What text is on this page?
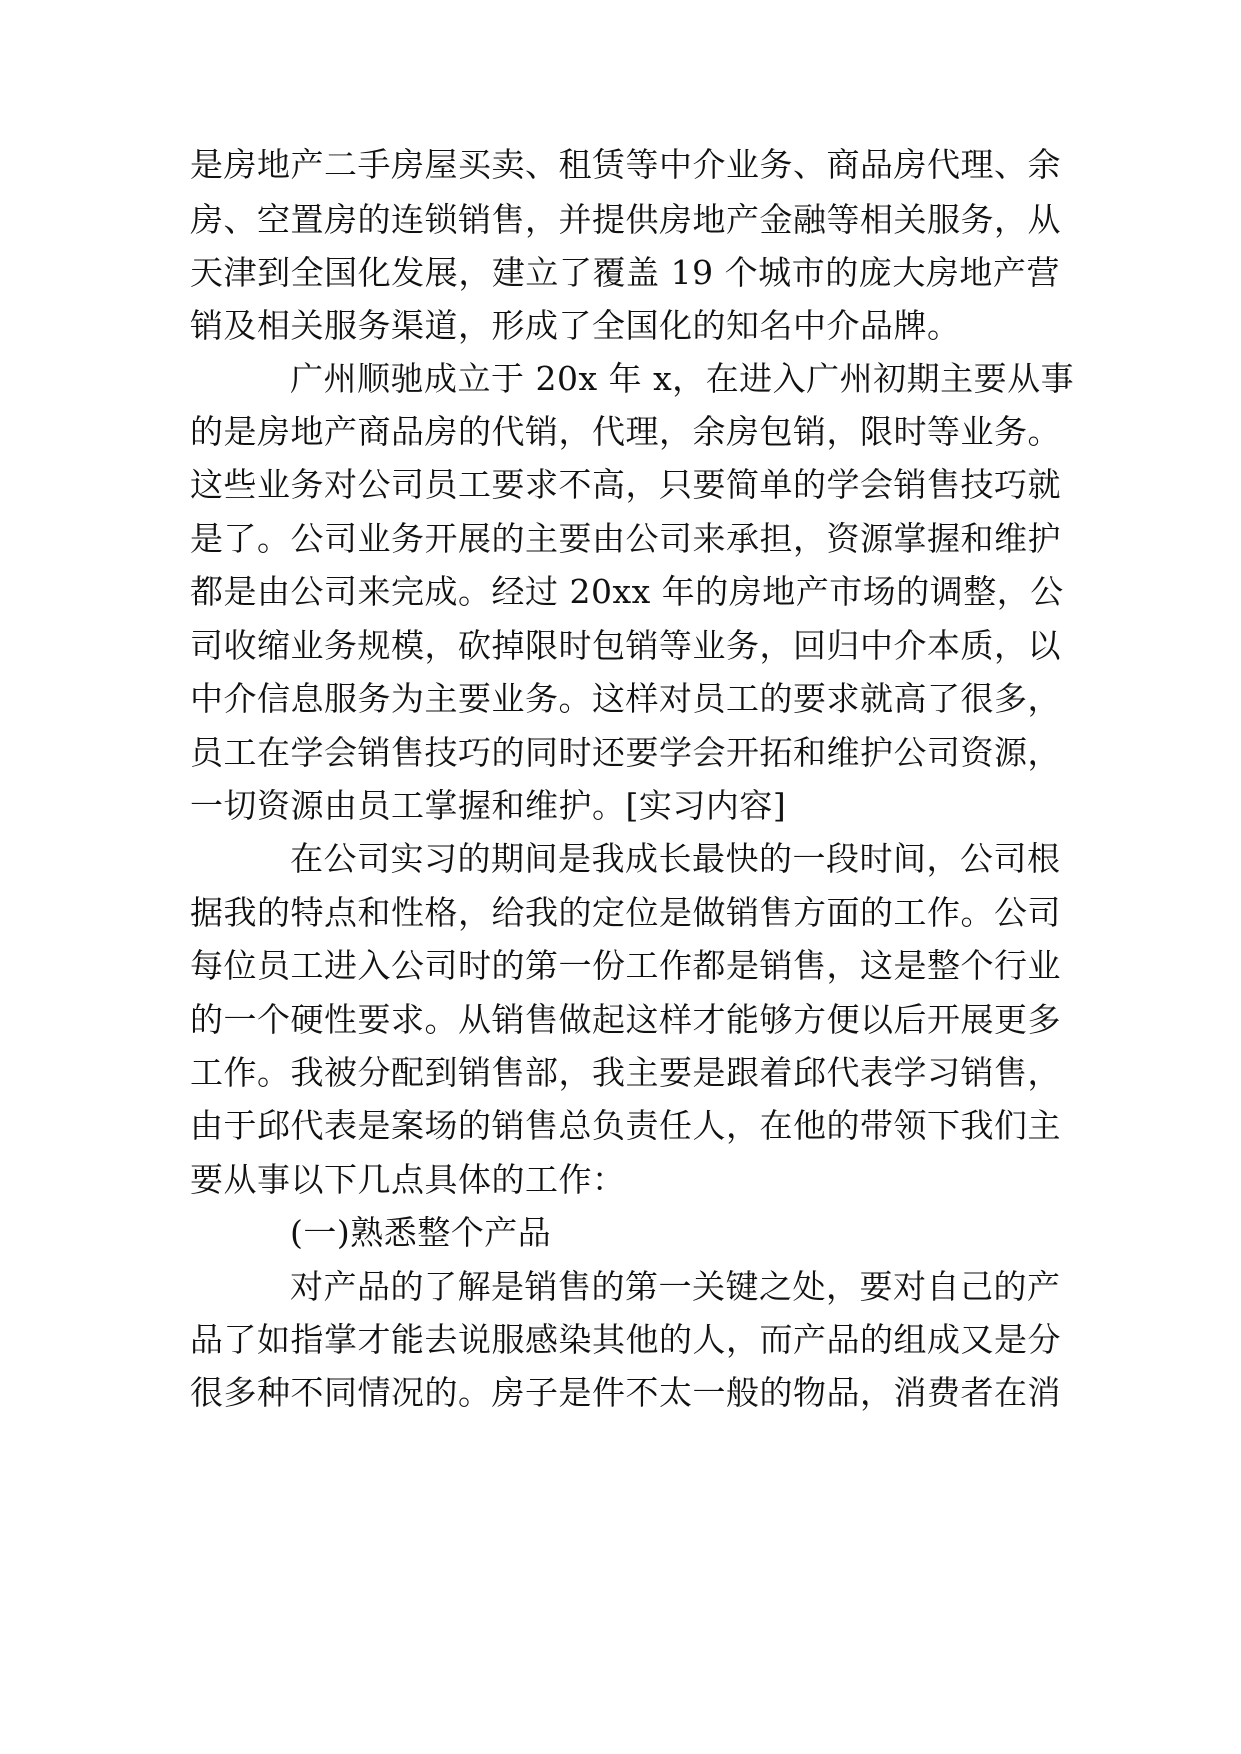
是房地产二手房屋买卖、租赁等中介业务、商品房代理、余
房、空置房的连锁销售，并提供房地产金融等相关服务，从
天津到全国化发展，建立了覆盖 19 个城市的庞大房地产营
销及相关服务渠道，形成了全国化的知名中介品牌。
广州顺驰成立于 20x 年 x，在进入广州初期主要从事
的是房地产商品房的代销，代理，余房包销，限时等业务。
这些业务对公司员工要求不高，只要简单的学会销售技巧就
是了。公司业务开展的主要由公司来承担，资源掌握和维护
都是由公司来完成。经过 20xx 年的房地产市场的调整，公
司收缩业务规模，砍掉限时包销等业务，回归中介本质，以
中介信息服务为主要业务。这样对员工的要求就高了很多，
员工在学会销售技巧的同时还要学会开拓和维护公司资源，
一切资源由员工掌握和维护。[实习内容]
在公司实习的期间是我成长最快的一段时间，公司根
据我的特点和性格，给我的定位是做销售方面的工作。公司
每位员工进入公司时的第一份工作都是销售，这是整个行业
的一个硬性要求。从销售做起这样才能够方便以后开展更多
工作。我被分配到销售部，我主要是跟着邱代表学习销售，
由于邱代表是案场的销售总负责任人，在他的带领下我们主
要从事以下几点具体的工作：
(一)熟悉整个产品
对产品的了解是销售的第一关键之处，要对自己的产
品了如指掌才能去说服感染其他的人，而产品的组成又是分
很多种不同情况的。房子是件不太一般的物品，消费者在消
